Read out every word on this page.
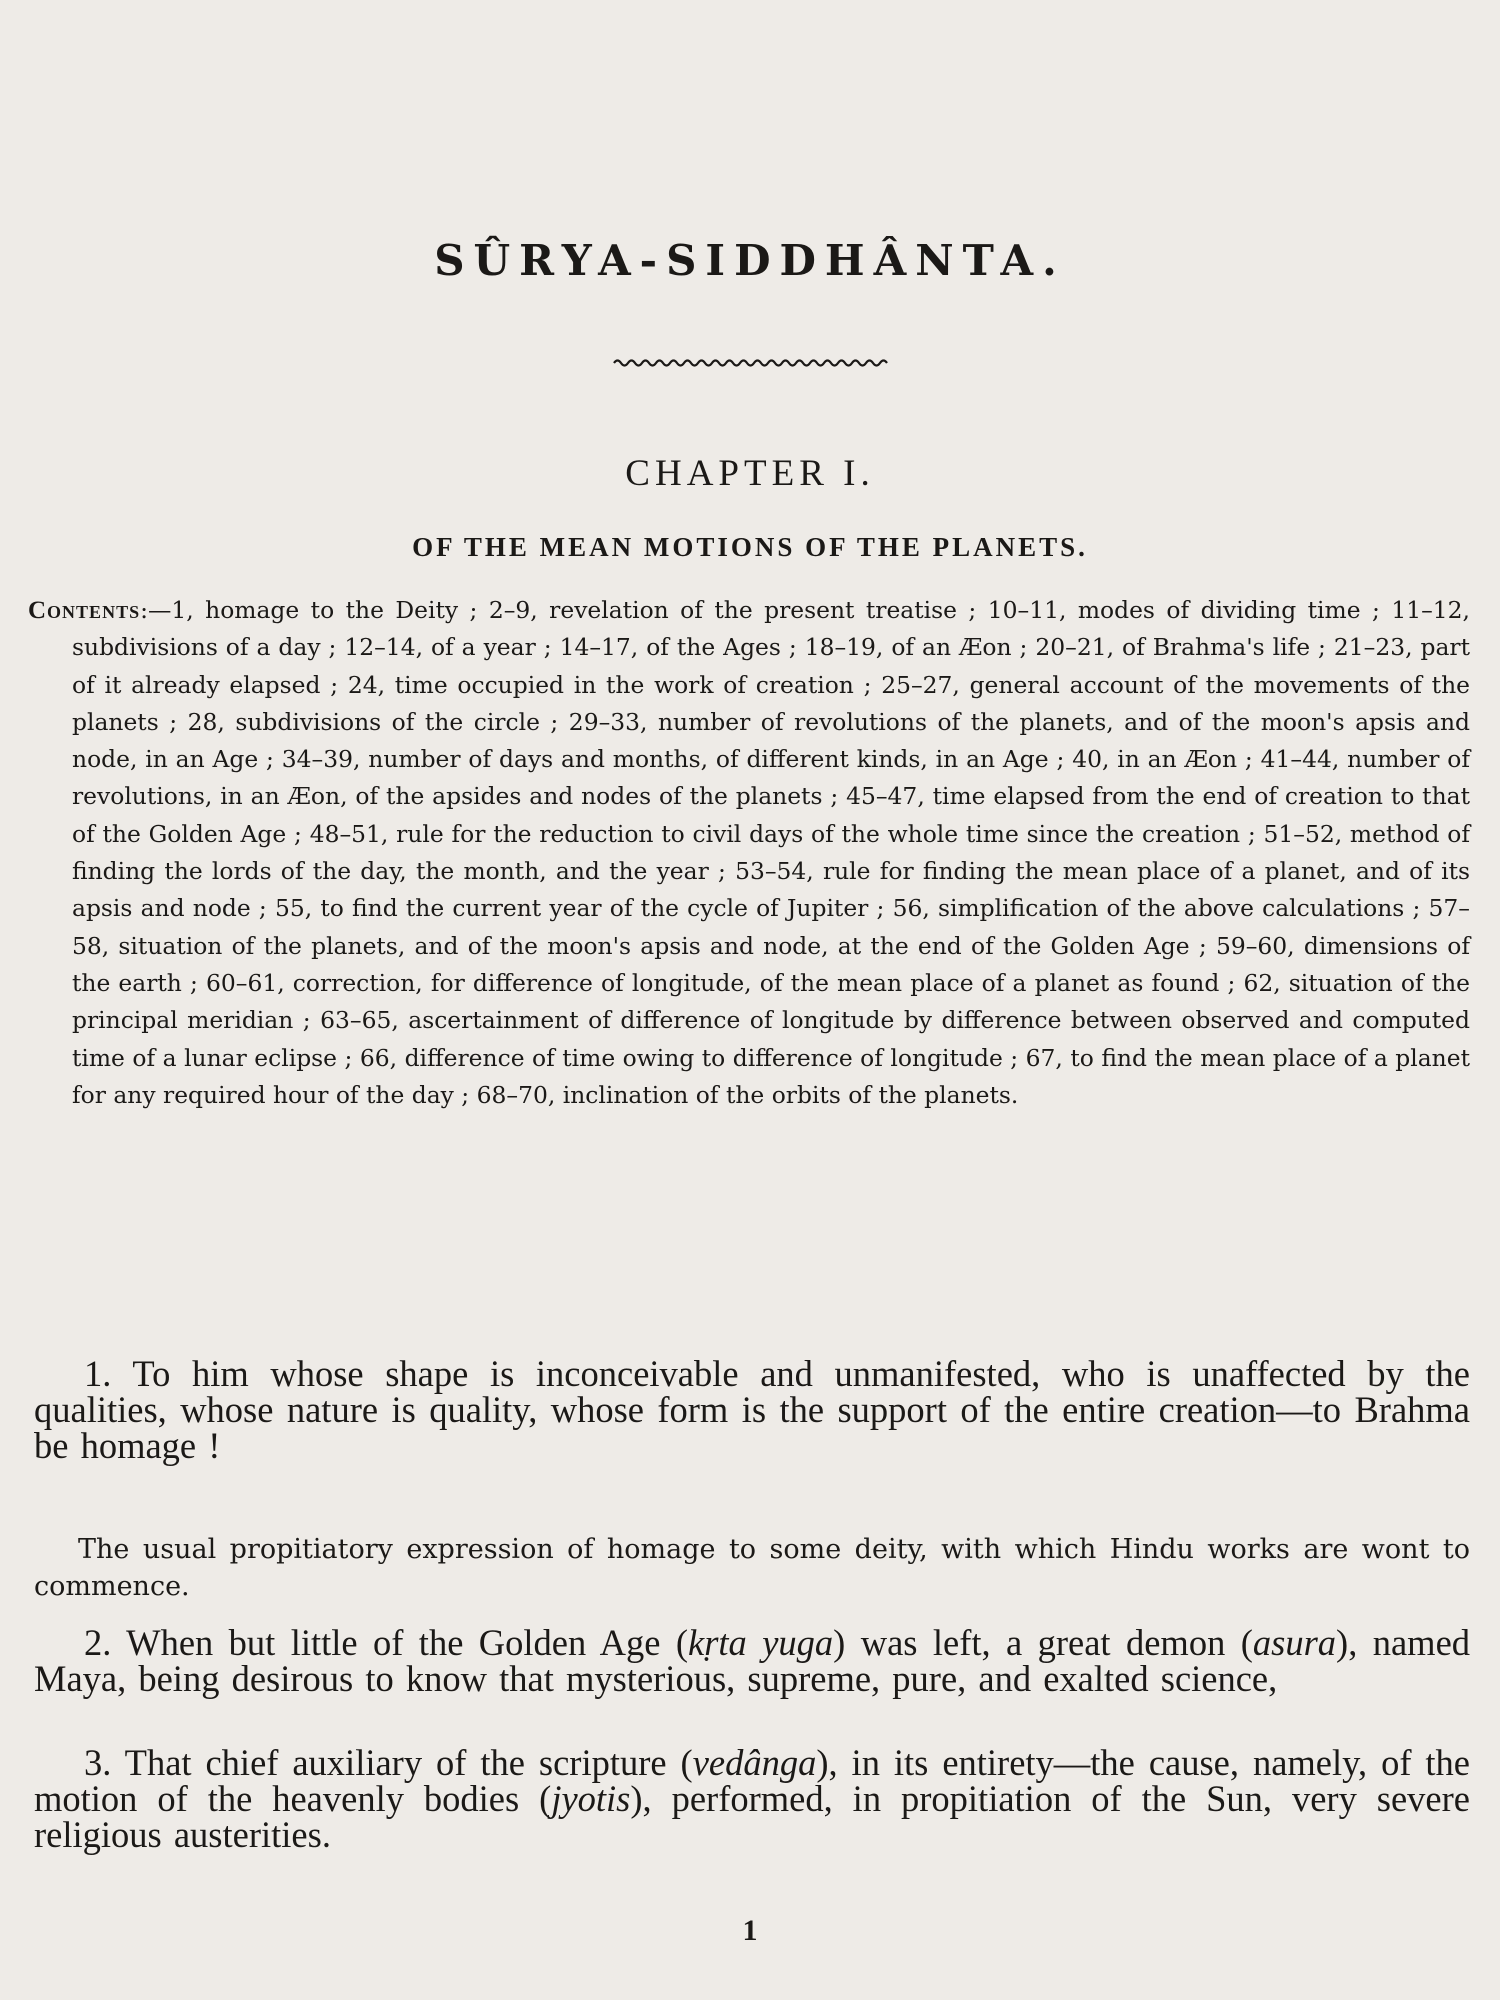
SÛRYA-SIDDHÂNTA.
CHAPTER I.
OF THE MEAN MOTIONS OF THE PLANETS.
Contents:—1, homage to the Deity ; 2–9, revelation of the present treatise ; 10–11, modes of dividing time ; 11–12, subdivisions of a day ; 12–14, of a year ; 14–17, of the Ages ; 18–19, of an Æon ; 20–21, of Brahma's life ; 21–23, part of it already elapsed ; 24, time occupied in the work of creation ; 25–27, general account of the movements of the planets ; 28, subdivisions of the circle ; 29–33, number of revolutions of the planets, and of the moon's apsis and node, in an Age ; 34–39, number of days and months, of different kinds, in an Age ; 40, in an Æon ; 41–44, number of revolutions, in an Æon, of the apsides and nodes of the planets ; 45–47, time elapsed from the end of creation to that of the Golden Age ; 48–51, rule for the reduction to civil days of the whole time since the creation ; 51–52, method of finding the lords of the day, the month, and the year ; 53–54, rule for finding the mean place of a planet, and of its apsis and node ; 55, to find the current year of the cycle of Jupiter ; 56, simplification of the above calculations ; 57–58, situation of the planets, and of the moon's apsis and node, at the end of the Golden Age ; 59–60, dimensions of the earth ; 60–61, correction, for difference of longitude, of the mean place of a planet as found ; 62, situation of the principal meridian ; 63–65, ascertainment of difference of longitude by difference between observed and computed time of a lunar eclipse ; 66, difference of time owing to difference of longitude ; 67, to find the mean place of a planet for any required hour of the day ; 68–70, inclination of the orbits of the planets.
1. To him whose shape is inconceivable and unmanifested, who is unaffected by the qualities, whose nature is quality, whose form is the support of the entire creation—to Brahma be homage !
The usual propitiatory expression of homage to some deity, with which Hindu works are wont to commence.
2. When but little of the Golden Age (kṛta yuga) was left, a great demon (asura), named Maya, being desirous to know that mysterious, supreme, pure, and exalted science,
3. That chief auxiliary of the scripture (vedânga), in its entirety—the cause, namely, of the motion of the heavenly bodies (jyotis), performed, in propitiation of the Sun, very severe religious austerities.
1
